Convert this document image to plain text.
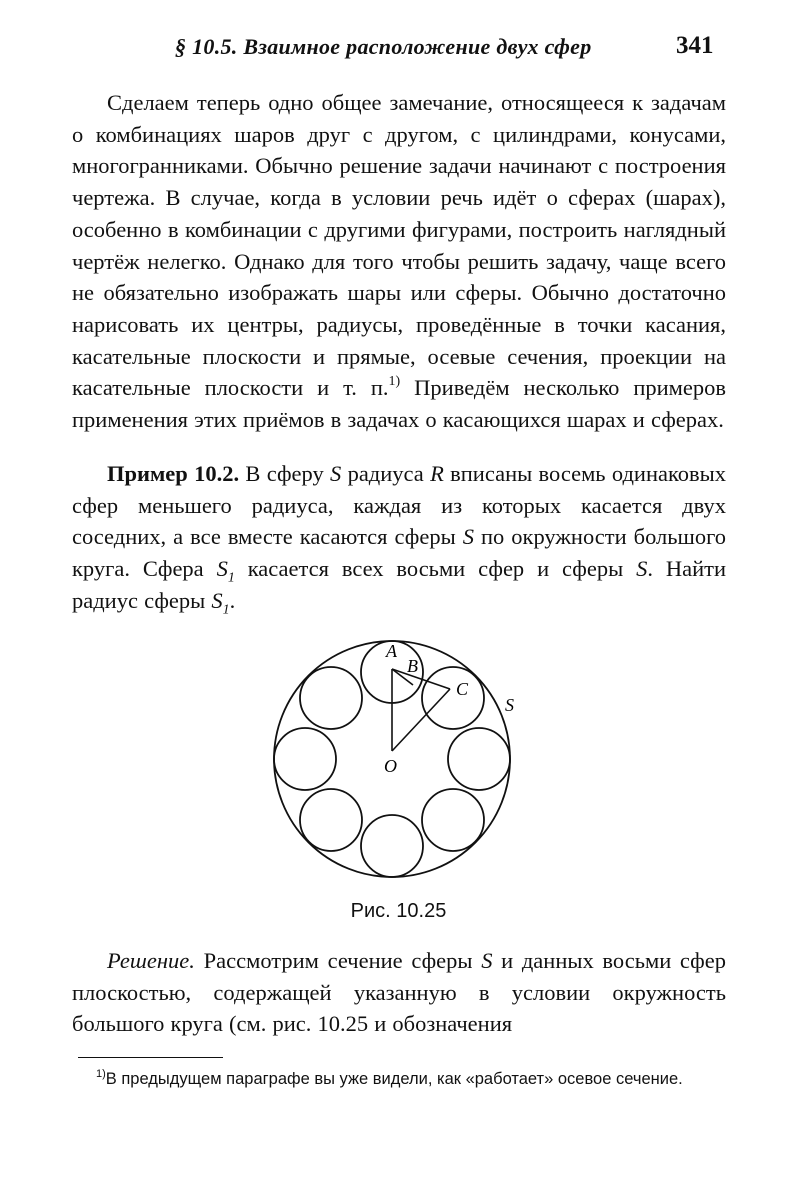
§ 10.5. Взаимное расположение двух сфер	341

Сделаем теперь одно общее замечание, относящееся к задачам о комбинациях шаров друг с другом, с цилиндрами, конусами, многогранниками. Обычно решение задачи начинают с построения чертежа. В случае, когда в условии речь идёт о сферах (шарах), особенно в комбинации с другими фигурами, построить наглядный чертёж нелегко. Однако для того чтобы решить задачу, чаще всего не обязательно изображать шары или сферы. Обычно достаточно нарисовать их центры, радиусы, проведённые в точки касания, касательные плоскости и прямые, осевые сечения, проекции на касательные плоскости и т. п.$^{1)}$ Приведём несколько примеров применения этих приёмов в задачах о касающихся шарах и сферах.

Пример 10.2. В сферу S радиуса R вписаны восемь одинаковых сфер меньшего радиуса, каждая из которых касается двух соседних, а все вместе касаются сферы S по окружности большого круга. Сфера $S_1$ касается всех восьми сфер и сферы S. Найти радиус сферы $S_1$.

A
B
C
O
S
Рис. 10.25

Решение. Рассмотрим сечение сферы S и данных восьми сфер плоскостью, содержащей указанную в условии окружность большого круга (см. рис. 10.25 и обозначения

$^{1)}$В предыдущем параграфе вы уже видели, как «работает» осевое сечение.
